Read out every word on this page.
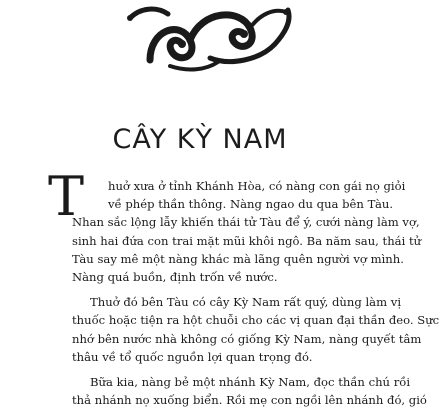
CÂY KỲ NAM
T huở xưa ở tỉnh Khánh Hòa, có nàng con gái nọ giỏi
về phép thần thông. Nàng ngao du qua bên Tàu.
Nhan sắc lộng lẫy khiến thái tử Tàu để ý, cưới nàng làm vợ,
sinh hai đứa con trai mặt mũi khôi ngô. Ba năm sau, thái tử
Tàu say mê một nàng khác mà lãng quên người vợ mình.
Nàng quá buồn, định trốn về nước.

Thuở đó bên Tàu có cây Kỳ Nam rất quý, dùng làm vị
thuốc hoặc tiện ra hột chuỗi cho các vị quan đại thần đeo. Sực
nhớ bên nước nhà không có giống Kỳ Nam, nàng quyết tâm
thâu về tổ quốc nguồn lợi quan trọng đó.

Bữa kia, nàng bẻ một nhánh Kỳ Nam, đọc thần chú rồi
thả nhánh nọ xuống biển. Rồi mẹ con ngồi lên nhánh đó, gió
